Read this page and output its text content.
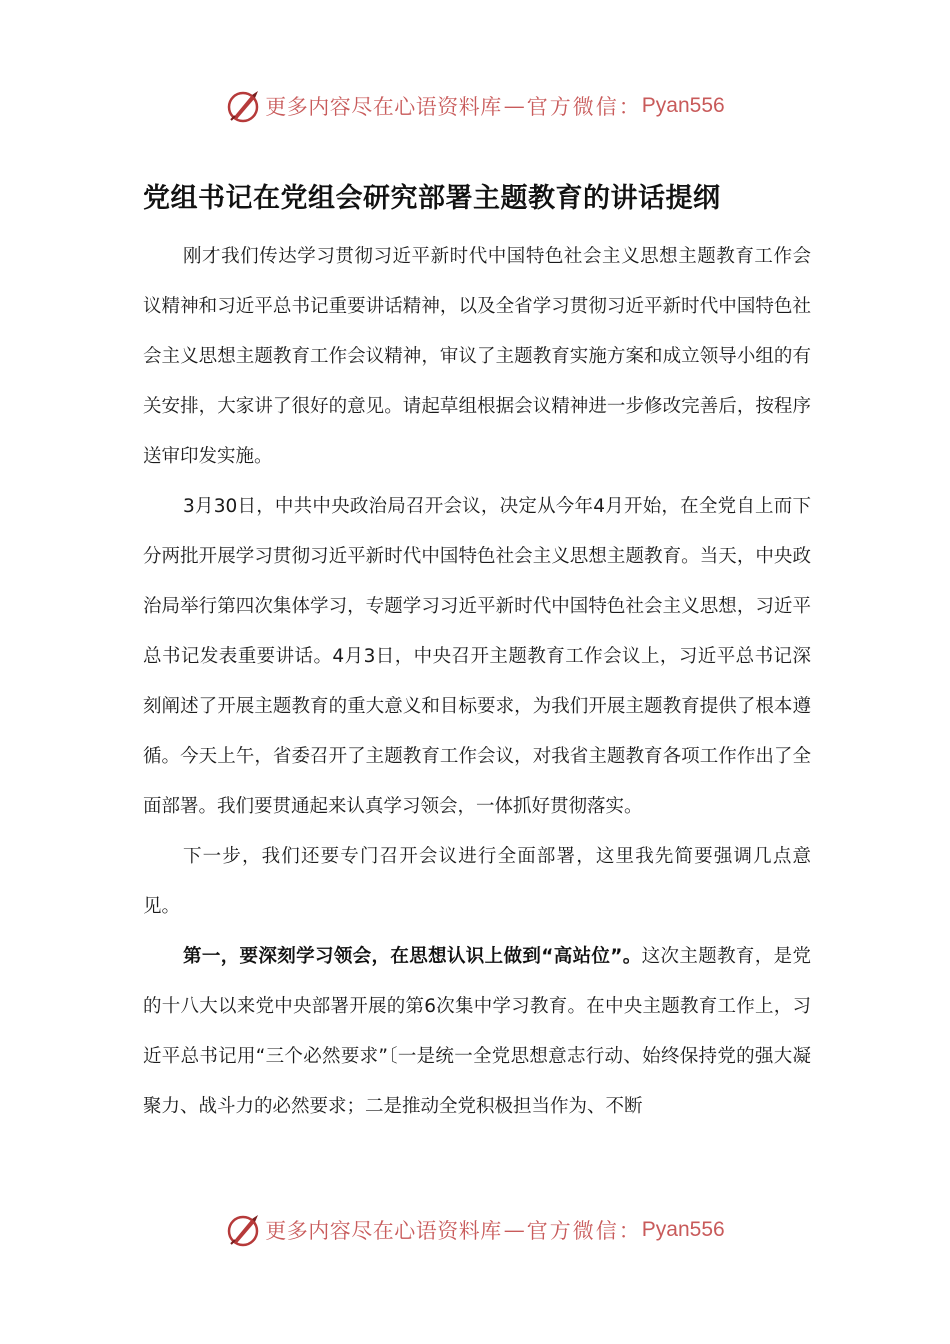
更多内容尽在心语资料库 — 官方微信： Pyan556
党组书记在党组会研究部署主题教育的讲话提纲

刚才我们传达学习贯彻习近平新时代中国特色社会主义思想主题教育工作会议精神和习近平总书记重要讲话精神，以及全省学习贯彻习近平新时代中国特色社会主义思想主题教育工作会议精神，审议了主题教育实施方案和成立领导小组的有关安排，大家讲了很好的意见。请起草组根据会议精神进一步修改完善后，按程序送审印发实施。

3月30日，中共中央政治局召开会议，决定从今年4月开始，在全党自上而下分两批开展学习贯彻习近平新时代中国特色社会主义思想主题教育。当天，中央政治局举行第四次集体学习，专题学习习近平新时代中国特色社会主义思想，习近平总书记发表重要讲话。4月3日，中央召开主题教育工作会议上，习近平总书记深刻阐述了开展主题教育的重大意义和目标要求，为我们开展主题教育提供了根本遵循。今天上午，省委召开了主题教育工作会议，对我省主题教育各项工作作出了全面部署。我们要贯通起来认真学习领会，一体抓好贯彻落实。

下一步，我们还要专门召开会议进行全面部署，这里我先简要强调几点意见。

第一，要深刻学习领会，在思想认识上做到“高站位”。这次主题教育，是党的十八大以来党中央部署开展的第6次集中学习教育。在中央主题教育工作上，习近平总书记用“三个必然要求”〔一是统一全党思想意志行动、始终保持党的强大凝聚力、战斗力的必然要求；二是推动全党积极担当作为、不断

更多内容尽在心语资料库 — 官方微信： Pyan556
